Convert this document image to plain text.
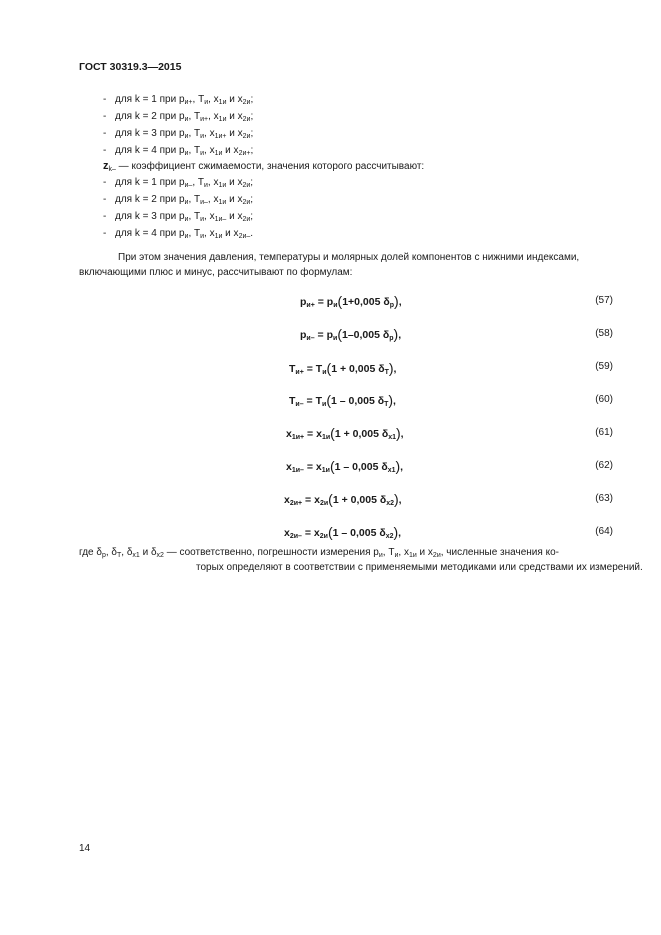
ГОСТ 30319.3—2015
- для k = 1 при $p_{и+}$, $T_и$, $x_{1и}$ и $x_{2и}$;
- для k = 2 при $p_и$, $T_{и+}$, $x_{1и}$ и $x_{2и}$;
- для k = 3 при $p_и$, $T_и$, $x_{1и+}$ и $x_{2и}$;
- для k = 4 при $p_и$, $T_и$, $x_{1и}$ и $x_{2и+}$;
$z_{k-}$ — коэффициент сжимаемости, значения которого рассчитывают:
- для k = 1 при $p_{и-}$, $T_и$, $x_{1и}$ и $x_{2и}$;
- для k = 2 при $p_и$, $T_{и-}$, $x_{1и}$ и $x_{2и}$;
- для k = 3 при $p_и$, $T_и$, $x_{1и-}$ и $x_{2и}$;
- для k = 4 при $p_и$, $T_и$, $x_{1и}$ и $x_{2и-}$.
При этом значения давления, температуры и молярных долей компонентов с нижними индексами, включающими плюс и минус, рассчитывают по формулам:
$p_{и+} = p_и(1+0,005$ $\delta_p$),	(57)
$p_{и-} = p_и(1-0,005$ $\delta_p$),	(58)
$T_{и+} = T_и(1 + 0,005$ $\delta_T$),	(59)
$T_{и-} = T_и(1 - 0,005$ $\delta_T$),	(60)
$x_{1и+} = x_{1и}(1 + 0,005$ $\delta_{x1}$),	(61)
$x_{1и-} = x_{1и}(1 - 0,005$ $\delta_{x1}$),	(62)
$x_{2и+} = x_{2и}(1 + 0,005$ $\delta_{x2}$),	(63)
$x_{2и-} = x_{2и}(1 - 0,005$ $\delta_{x2}$),	(64)
где $\delta_p$, $\delta_T$, $\delta_{x1}$ и $\delta_{x2}$ — соответственно, погрешности измерения $p_и$, $T_и$, $x_{1и}$ и $x_{2и}$, численные значения ко-
торых определяют в соответствии с применяемыми методиками или средствами их измерений.
14
